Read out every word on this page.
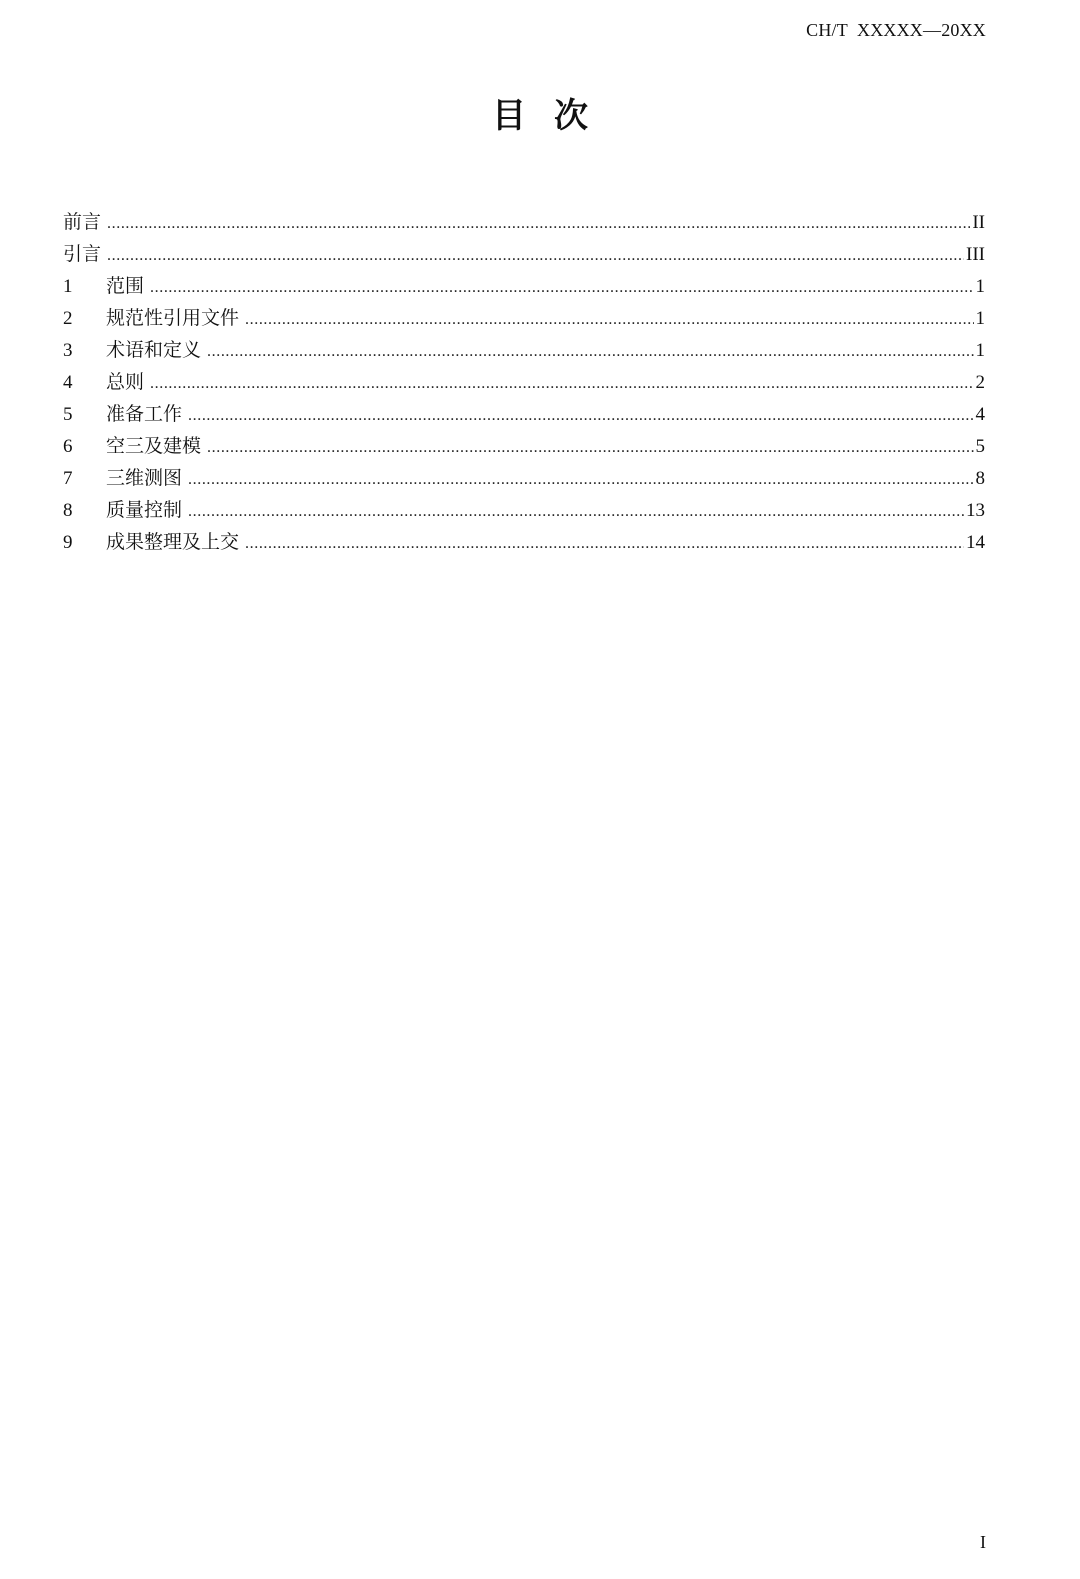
CH/T  XXXXX—20XX
目次
前言 .....	II
引言 .....	III
1	范围 .....	1
2	规范性引用文件 .....	1
3	术语和定义 .....	1
4	总则 .....	2
5	准备工作 .....	4
6	空三及建模 .....	5
7	三维测图 .....	8
8	质量控制 .....	13
9	成果整理及上交 .....	14
I
